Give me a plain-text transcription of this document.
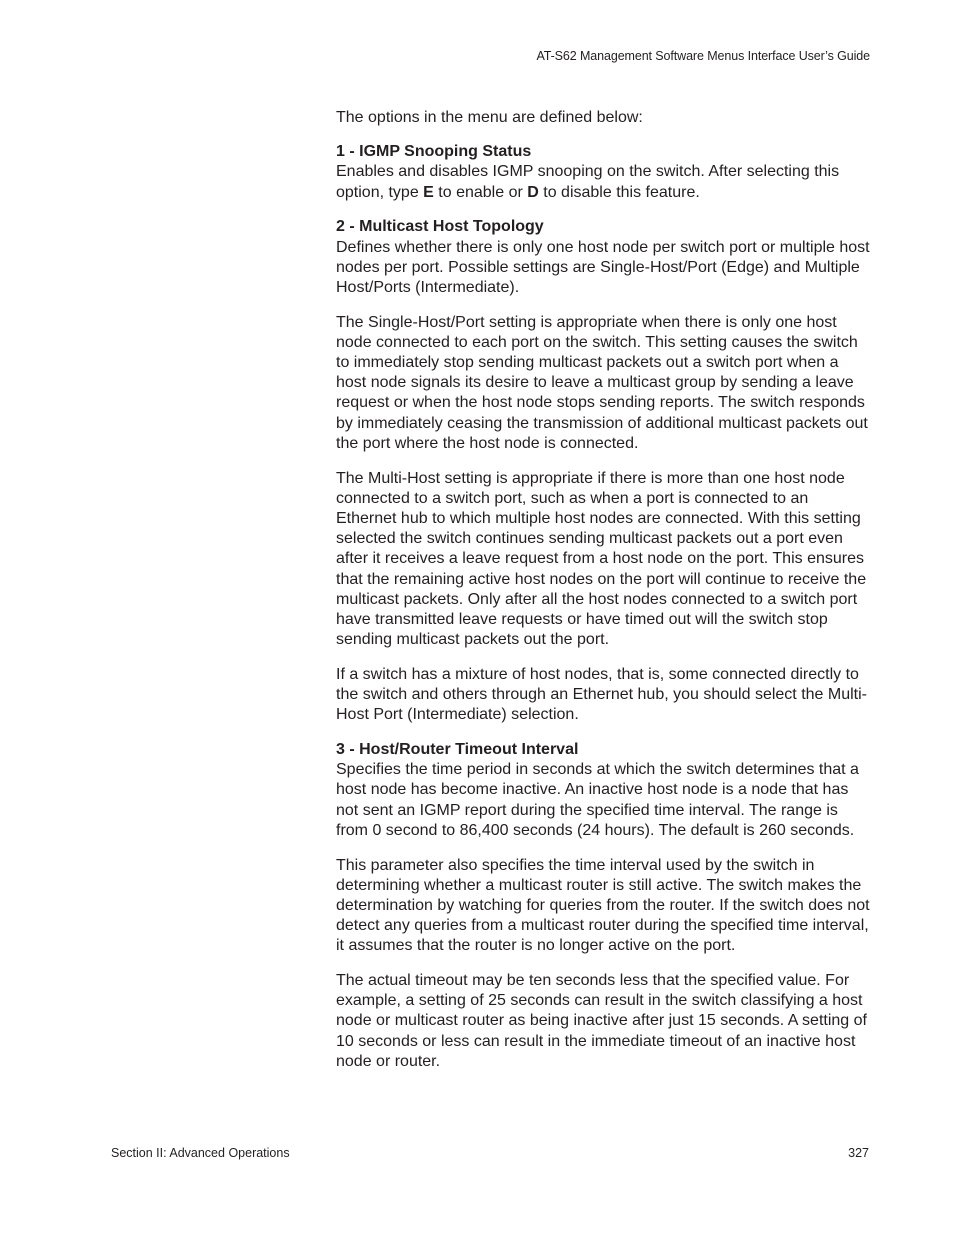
AT-S62 Management Software Menus Interface User’s Guide

The options in the menu are defined below:

1 - IGMP Snooping Status

Enables and disables IGMP snooping on the switch. After selecting this option, type E to enable or D to disable this feature.

2 - Multicast Host Topology

Defines whether there is only one host node per switch port or multiple host nodes per port. Possible settings are Single-Host/Port (Edge) and Multiple Host/Ports (Intermediate).

The Single-Host/Port setting is appropriate when there is only one host node connected to each port on the switch. This setting causes the switch to immediately stop sending multicast packets out a switch port when a host node signals its desire to leave a multicast group by sending a leave request or when the host node stops sending reports. The switch responds by immediately ceasing the transmission of additional multicast packets out the port where the host node is connected.

The Multi-Host setting is appropriate if there is more than one host node connected to a switch port, such as when a port is connected to an Ethernet hub to which multiple host nodes are connected. With this setting selected the switch continues sending multicast packets out a port even after it receives a leave request from a host node on the port. This ensures that the remaining active host nodes on the port will continue to receive the multicast packets. Only after all the host nodes connected to a switch port have transmitted leave requests or have timed out will the switch stop sending multicast packets out the port.

If a switch has a mixture of host nodes, that is, some connected directly to the switch and others through an Ethernet hub, you should select the Multi-Host Port (Intermediate) selection.

3 - Host/Router Timeout Interval

Specifies the time period in seconds at which the switch determines that a host node has become inactive. An inactive host node is a node that has not sent an IGMP report during the specified time interval. The range is from 0 second to 86,400 seconds (24 hours). The default is 260 seconds.

This parameter also specifies the time interval used by the switch in determining whether a multicast router is still active. The switch makes the determination by watching for queries from the router. If the switch does not detect any queries from a multicast router during the specified time interval, it assumes that the router is no longer active on the port.

The actual timeout may be ten seconds less that the specified value. For example, a setting of 25 seconds can result in the switch classifying a host node or multicast router as being inactive after just 15 seconds. A setting of 10 seconds or less can result in the immediate timeout of an inactive host node or router.

Section II: Advanced Operations	327
